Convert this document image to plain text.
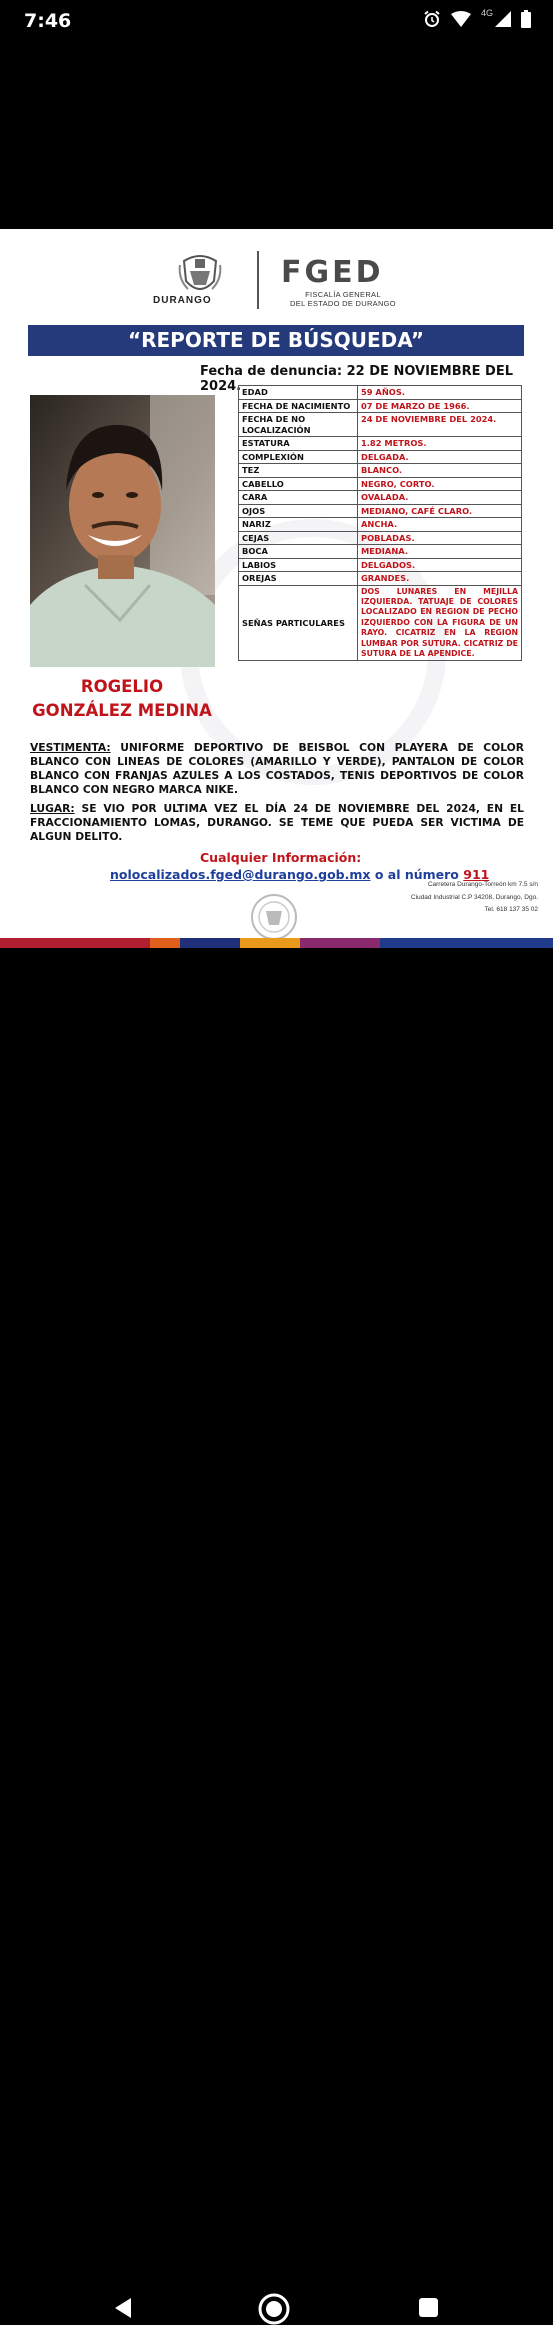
7:46	4G
DURANGO
FGED
FISCALÍA GENERAL
DEL ESTADO DE DURANGO
“REPORTE DE BÚSQUEDA”
Fecha de denuncia: 22 DE NOVIEMBRE DEL 2024.
ROGELIO
GONZÁLEZ MEDINA
EDAD	59 AÑOS.
FECHA DE NACIMIENTO	07 DE MARZO DE 1966.
FECHA DE NO LOCALIZACIÓN	24 DE NOVIEMBRE DEL 2024.
ESTATURA	1.82 METROS.
COMPLEXIÓN	DELGADA.
TEZ	BLANCO.
CABELLO	NEGRO, CORTO.
CARA	OVALADA.
OJOS	MEDIANO, CAFÉ CLARO.
NARIZ	ANCHA.
CEJAS	POBLADAS.
BOCA	MEDIANA.
LABIOS	DELGADOS.
OREJAS	GRANDES.
SEÑAS PARTICULARES	DOS LUNARES EN MEJILLA IZQUIERDA. TATUAJE DE COLORES LOCALIZADO EN REGION DE PECHO IZQUIERDO CON LA FIGURA DE UN RAYO. CICATRIZ EN LA REGION LUMBAR POR SUTURA. CICATRIZ DE SUTURA DE LA APENDICE.
VESTIMENTA: UNIFORME DEPORTIVO DE BEISBOL CON PLAYERA DE COLOR BLANCO CON LINEAS DE COLORES (AMARILLO Y VERDE), PANTALON DE COLOR BLANCO CON FRANJAS AZULES A LOS COSTADOS, TENIS DEPORTIVOS DE COLOR BLANCO CON NEGRO MARCA NIKE.
LUGAR: SE VIO POR ULTIMA VEZ EL DÍA 24 DE NOVIEMBRE DEL 2024, EN EL FRACCIONAMIENTO LOMAS, DURANGO. SE TEME QUE PUEDA SER VICTIMA DE ALGUN DELITO.
Cualquier Información:
nolocalizados.fged@durango.gob.mx o al número 911
Carretera Durango-Torreón km 7.5 s/n
Ciudad Industrial C.P 34208, Durango, Dgo.
Tel. 618 137 35 02
